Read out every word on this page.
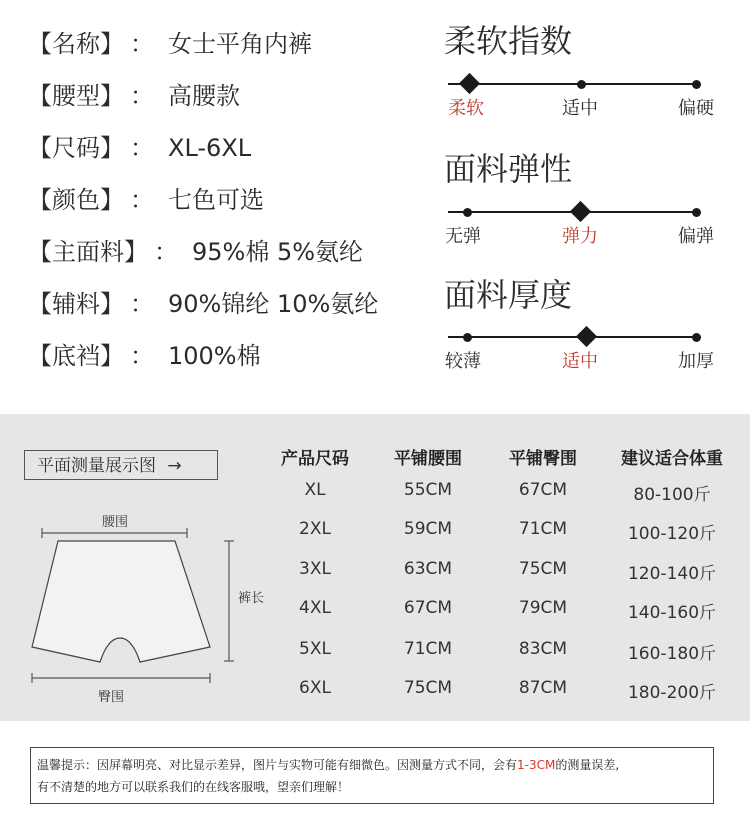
【名称】 ： 女士平角内裤
【腰型】 ： 高腰款
【尺码】 ： XL-6XL
【颜色】 ： 七色可选
【主面料】 ： 95%棉 5%氨纶
【辅料】 ： 90%锦纶 10%氨纶
【底裆】 ： 100%棉
柔软指数
柔软	适中	偏硬
面料弹性
无弹	弹力	偏弹
面料厚度
较薄	适中	加厚
平面测量展示图 →
腰围
裤长
臀围
产品尺码	平铺腰围	平铺臀围	建议适合体重
XL	55CM	67CM	80-100斤
2XL	59CM	71CM	100-120斤
3XL	63CM	75CM	120-140斤
4XL	67CM	79CM	140-160斤
5XL	71CM	83CM	160-180斤
6XL	75CM	87CM	180-200斤
温馨提示：因屏幕明亮、对比显示差异，图片与实物可能有细微色。因测量方式不同，会有1-3CM的测量误差,
有不清楚的地方可以联系我们的在线客服哦，望亲们理解！
